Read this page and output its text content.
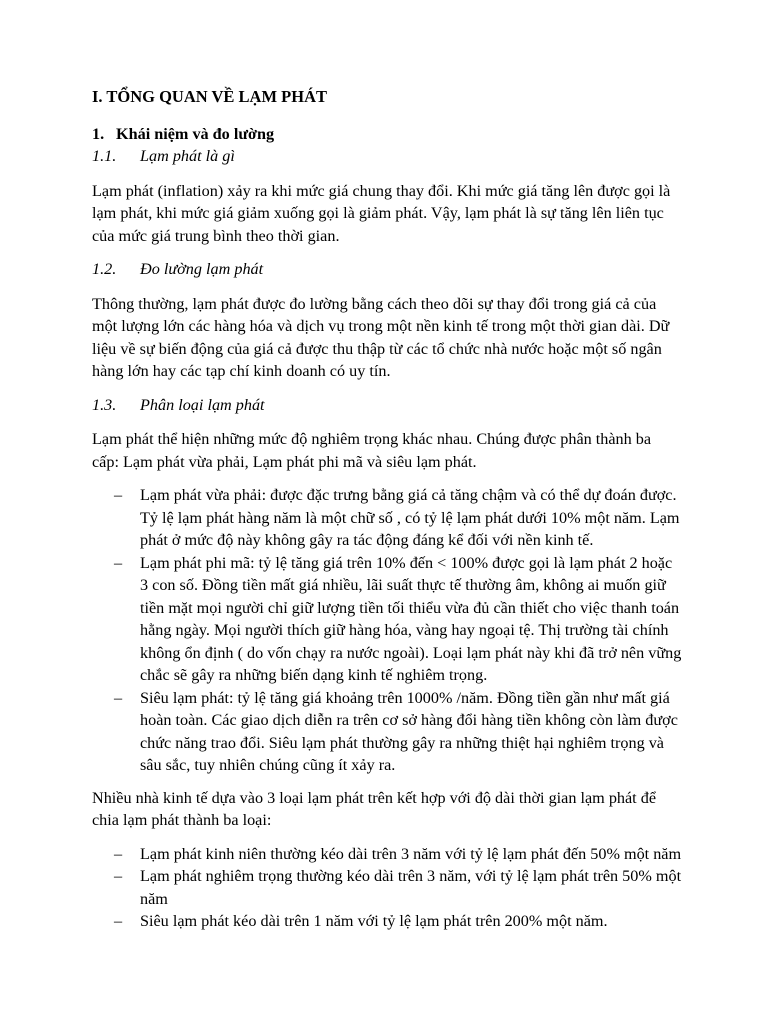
I. TỔNG QUAN VỀ LẠM PHÁT
1. Khái niệm và đo lường
1.1.	Lạm phát là gì

Lạm phát (inflation) xảy ra khi mức giá chung thay đổi. Khi mức giá tăng lên được gọi là lạm phát, khi mức giá giảm xuống gọi là giảm phát. Vậy, lạm phát là sự tăng lên liên tục của mức giá trung bình theo thời gian.

1.2.	Đo lường lạm phát

Thông thường, lạm phát được đo lường bằng cách theo dõi sự thay đổi trong giá cả của một lượng lớn các hàng hóa và dịch vụ trong một nền kinh tế trong một thời gian dài. Dữ liệu về sự biến động của giá cả được thu thập từ các tổ chức nhà nước hoặc một số ngân hàng lớn hay các tạp chí kinh doanh có uy tín.

1.3.	Phân loại lạm phát

Lạm phát thể hiện những mức độ nghiêm trọng khác nhau. Chúng được phân thành ba cấp: Lạm phát vừa phải, Lạm phát phi mã và siêu lạm phát.

– Lạm phát vừa phải: được đặc trưng bằng giá cả tăng chậm và có thể dự đoán được. Tỷ lệ lạm phát hàng năm là một chữ số , có tỷ lệ lạm phát dưới 10% một năm. Lạm phát ở mức độ này không gây ra tác động đáng kể đối với nền kinh tế.
– Lạm phát phi mã: tỷ lệ tăng giá trên 10% đến < 100% được gọi là lạm phát 2 hoặc 3 con số. Đồng tiền mất giá nhiều, lãi suất thực tế thường âm, không ai muốn giữ tiền mặt mọi người chỉ giữ lượng tiền tối thiểu vừa đủ cần thiết cho việc thanh toán hằng ngày. Mọi người thích giữ hàng hóa, vàng hay ngoại tệ. Thị trường tài chính không ổn định ( do vốn chạy ra nước ngoài). Loại lạm phát này khi đã trở nên vững chắc sẽ gây ra những biến dạng kinh tế nghiêm trọng.
– Siêu lạm phát: tỷ lệ tăng giá khoảng trên 1000% /năm. Đồng tiền gần như mất giá hoàn toàn. Các giao dịch diễn ra trên cơ sở hàng đổi hàng tiền không còn làm được chức năng trao đổi. Siêu lạm phát thường gây ra những thiệt hại nghiêm trọng và sâu sắc, tuy nhiên chúng cũng ít xảy ra.

Nhiều nhà kinh tế dựa vào 3 loại lạm phát trên kết hợp với độ dài thời gian lạm phát để chia lạm phát thành ba loại:

– Lạm phát kinh niên thường kéo dài trên 3 năm với tỷ lệ lạm phát đến 50% một năm
– Lạm phát nghiêm trọng thường kéo dài trên 3 năm, với tỷ lệ lạm phát trên 50% một năm
– Siêu lạm phát kéo dài trên 1 năm với tỷ lệ lạm phát trên 200% một năm.
